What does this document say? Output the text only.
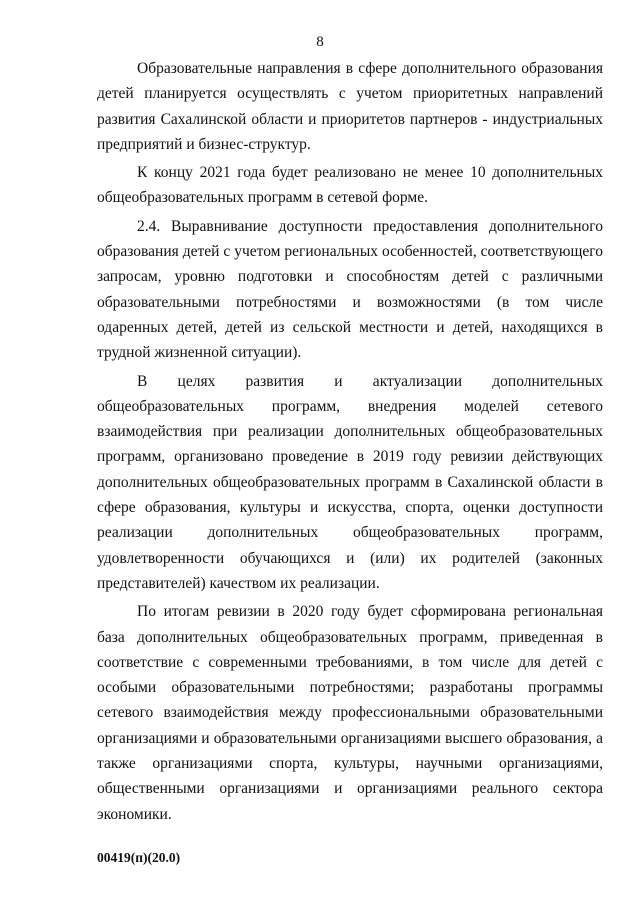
8

Образовательные направления в сфере дополнительного образования детей планируется осуществлять с учетом приоритетных направлений развития Сахалинской области и приоритетов партнеров - индустриальных предприятий и бизнес-структур.

К концу 2021 года будет реализовано не менее 10 дополнительных общеобразовательных программ в сетевой форме.

2.4. Выравнивание доступности предоставления дополнительного образования детей с учетом региональных особенностей, соответствующего запросам, уровню подготовки и способностям детей с различными образовательными потребностями и возможностями (в том числе одаренных детей, детей из сельской местности и детей, находящихся в трудной жизненной ситуации).

В целях развития и актуализации дополнительных общеобразовательных программ, внедрения моделей сетевого взаимодействия при реализации дополнительных общеобразовательных программ, организовано проведение в 2019 году ревизии действующих дополнительных общеобразовательных программ в Сахалинской области в сфере образования, культуры и искусства, спорта, оценки доступности реализации дополнительных общеобразовательных программ, удовлетворенности обучающихся и (или) их родителей (законных представителей) качеством их реализации.

По итогам ревизии в 2020 году будет сформирована региональная база дополнительных общеобразовательных программ, приведенная в соответствие с современными требованиями, в том числе для детей с особыми образовательными потребностями; разработаны программы сетевого взаимодействия между профессиональными образовательными организациями и образовательными организациями высшего образования, а также организациями спорта, культуры, научными организациями, общественными организациями и организациями реального сектора экономики.

00419(п)(20.0)
